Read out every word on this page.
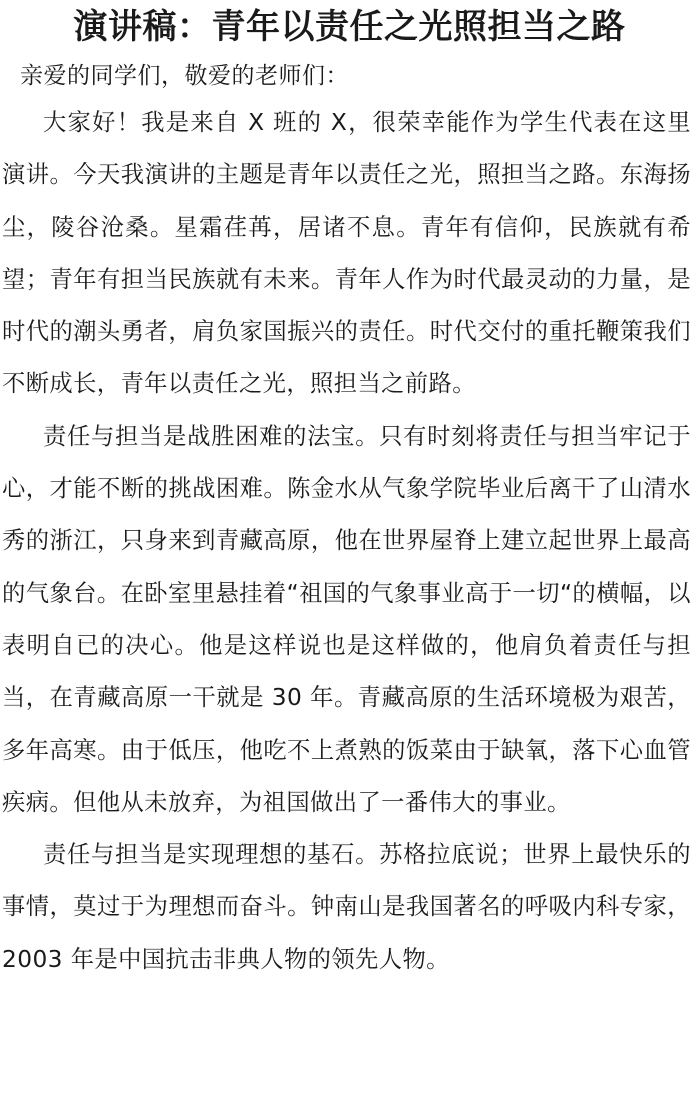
演讲稿：青年以责任之光照担当之路

亲爱的同学们，敬爱的老师们：

大家好！我是来自 X 班的 X，很荣幸能作为学生代表在这里演讲。今天我演讲的主题是青年以责任之光，照担当之路。东海扬尘，陵谷沧桑。星霜荏苒，居诸不息。青年有信仰，民族就有希望；青年有担当民族就有未来。青年人作为时代最灵动的力量，是时代的潮头勇者，肩负家国振兴的责任。时代交付的重托鞭策我们不断成长，青年以责任之光，照担当之前路。

责任与担当是战胜困难的法宝。只有时刻将责任与担当牢记于心，才能不断的挑战困难。陈金水从气象学院毕业后离干了山清水秀的浙江，只身来到青藏高原，他在世界屋脊上建立起世界上最高的气象台。在卧室里悬挂着“祖国的气象事业高于一切“的横幅，以表明自已的决心。他是这样说也是这样做的，他肩负着责任与担当，在青藏高原一干就是 30 年。青藏高原的生活环境极为艰苦，多年高寒。由于低压，他吃不上煮熟的饭菜由于缺氧，落下心血管疾病。但他从未放弃，为祖国做出了一番伟大的事业。

责任与担当是实现理想的基石。苏格拉底说；世界上最快乐的事情，莫过于为理想而奋斗。钟南山是我国著名的呼吸内科专家，2003 年是中国抗击非典人物的领先人物。
